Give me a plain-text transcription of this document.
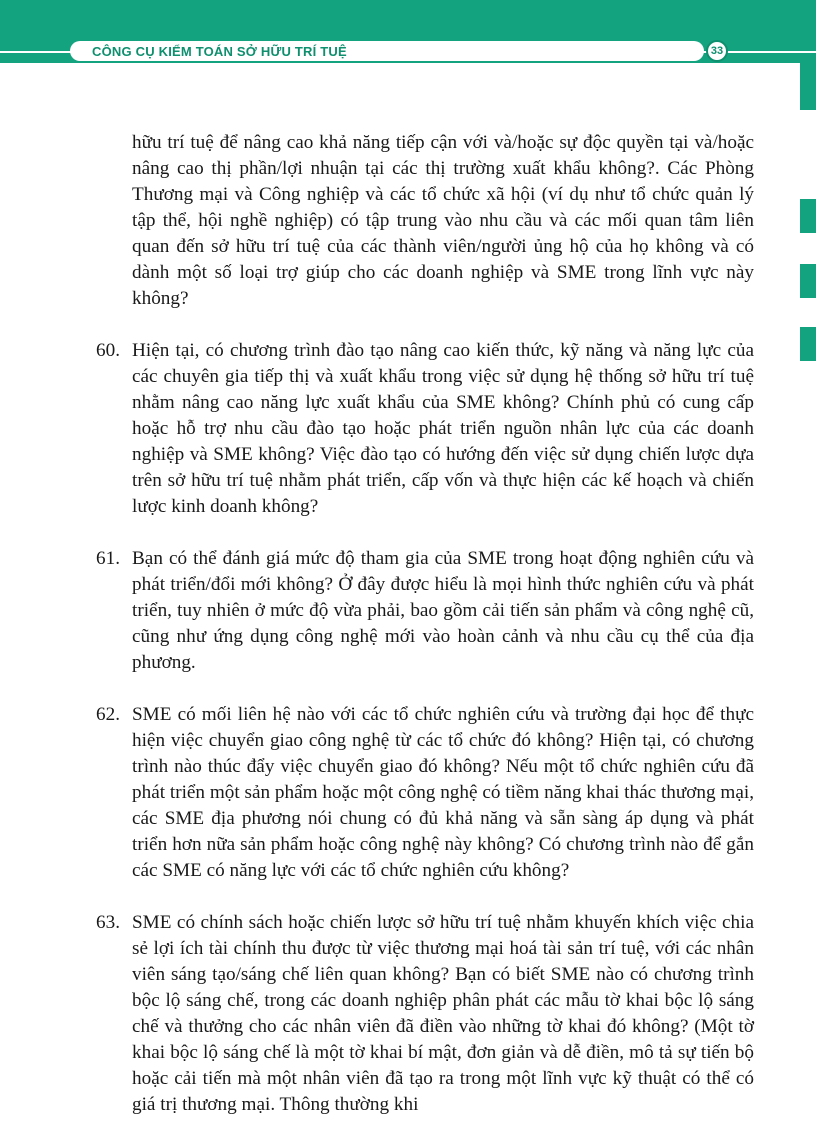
CÔNG CỤ KIỂM TOÁN SỞ HỮU TRÍ TUỆ	33

hữu trí tuệ để nâng cao khả năng tiếp cận với và/hoặc sự độc quyền tại và/hoặc nâng cao thị phần/lợi nhuận tại các thị trường xuất khẩu không?. Các Phòng Thương mại và Công nghiệp và các tổ chức xã hội (ví dụ như tổ chức quản lý tập thể, hội nghề nghiệp) có tập trung vào nhu cầu và các mối quan tâm liên quan đến sở hữu trí tuệ của các thành viên/người ủng hộ của họ không và có dành một số loại trợ giúp cho các doanh nghiệp và SME trong lĩnh vực này không?

60. Hiện tại, có chương trình đào tạo nâng cao kiến thức, kỹ năng và năng lực của các chuyên gia tiếp thị và xuất khẩu trong việc sử dụng hệ thống sở hữu trí tuệ nhằm nâng cao năng lực xuất khẩu của SME không? Chính phủ có cung cấp hoặc hỗ trợ nhu cầu đào tạo hoặc phát triển nguồn nhân lực của các doanh nghiệp và SME không? Việc đào tạo có hướng đến việc sử dụng chiến lược dựa trên sở hữu trí tuệ nhằm phát triển, cấp vốn và thực hiện các kế hoạch và chiến lược kinh doanh không?
61. Bạn có thể đánh giá mức độ tham gia của SME trong hoạt động nghiên cứu và phát triển/đổi mới không? Ở đây được hiểu là mọi hình thức nghiên cứu và phát triển, tuy nhiên ở mức độ vừa phải, bao gồm cải tiến sản phẩm và công nghệ cũ, cũng như ứng dụng công nghệ mới vào hoàn cảnh và nhu cầu cụ thể của địa phương.
62. SME có mối liên hệ nào với các tổ chức nghiên cứu và trường đại học để thực hiện việc chuyển giao công nghệ từ các tổ chức đó không? Hiện tại, có chương trình nào thúc đẩy việc chuyển giao đó không? Nếu một tổ chức nghiên cứu đã phát triển một sản phẩm hoặc một công nghệ có tiềm năng khai thác thương mại, các SME địa phương nói chung có đủ khả năng và sẵn sàng áp dụng và phát triển hơn nữa sản phẩm hoặc công nghệ này không? Có chương trình nào để gắn các SME có năng lực với các tổ chức nghiên cứu không?
63. SME có chính sách hoặc chiến lược sở hữu trí tuệ nhằm khuyến khích việc chia sẻ lợi ích tài chính thu được từ việc thương mại hoá tài sản trí tuệ, với các nhân viên sáng tạo/sáng chế liên quan không? Bạn có biết SME nào có chương trình bộc lộ sáng chế, trong các doanh nghiệp phân phát các mẫu tờ khai bộc lộ sáng chế và thưởng cho các nhân viên đã điền vào những tờ khai đó không? (Một tờ khai bộc lộ sáng chế là một tờ khai bí mật, đơn giản và dễ điền, mô tả sự tiến bộ hoặc cải tiến mà một nhân viên đã tạo ra trong một lĩnh vực kỹ thuật có thể có giá trị thương mại. Thông thường khi
